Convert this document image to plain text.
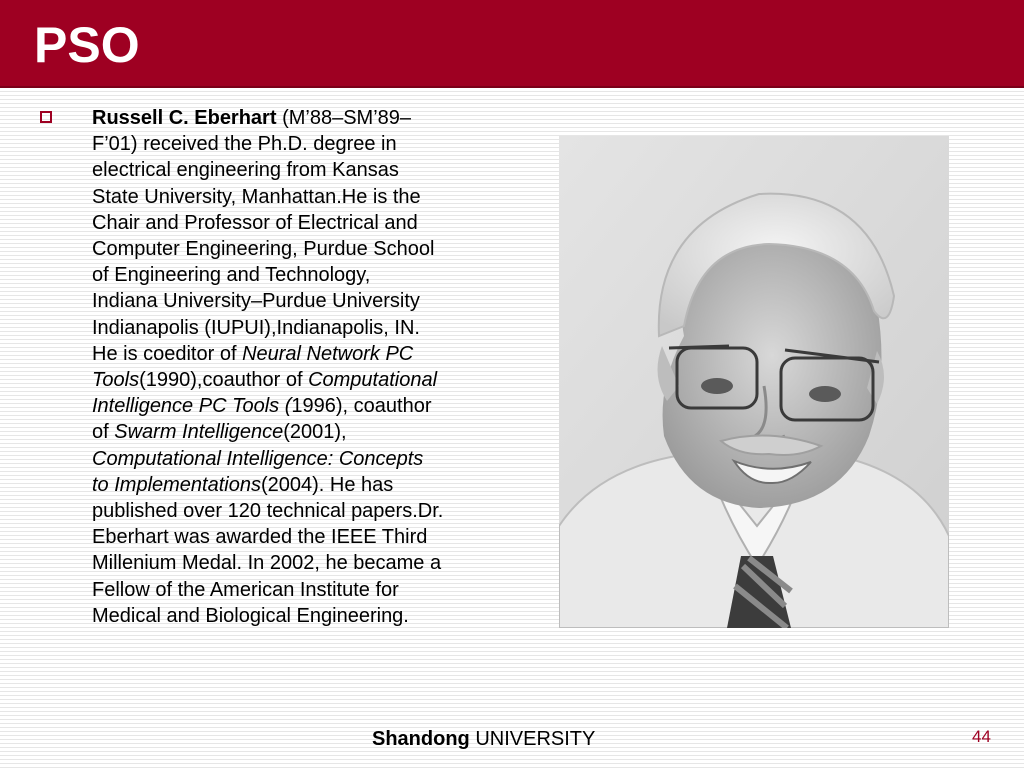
PSO
Russell C. Eberhart (M’88–SM’89–
F’01) received the Ph.D. degree in
electrical engineering from Kansas
State University, Manhattan.He is the
Chair and Professor of Electrical and
Computer Engineering, Purdue School
of Engineering and Technology,
Indiana University–Purdue University
Indianapolis (IUPUI),Indianapolis, IN.
He is coeditor of Neural Network PC
Tools(1990),coauthor of Computational
Intelligence PC Tools (1996), coauthor
of Swarm Intelligence(2001),
Computational Intelligence: Concepts
to Implementations(2004). He has
published over 120 technical papers.Dr.
Eberhart was awarded the IEEE Third
Millenium Medal. In 2002, he became a
Fellow of the American Institute for
Medical and Biological Engineering.
Shandong UNIVERSITY	44
